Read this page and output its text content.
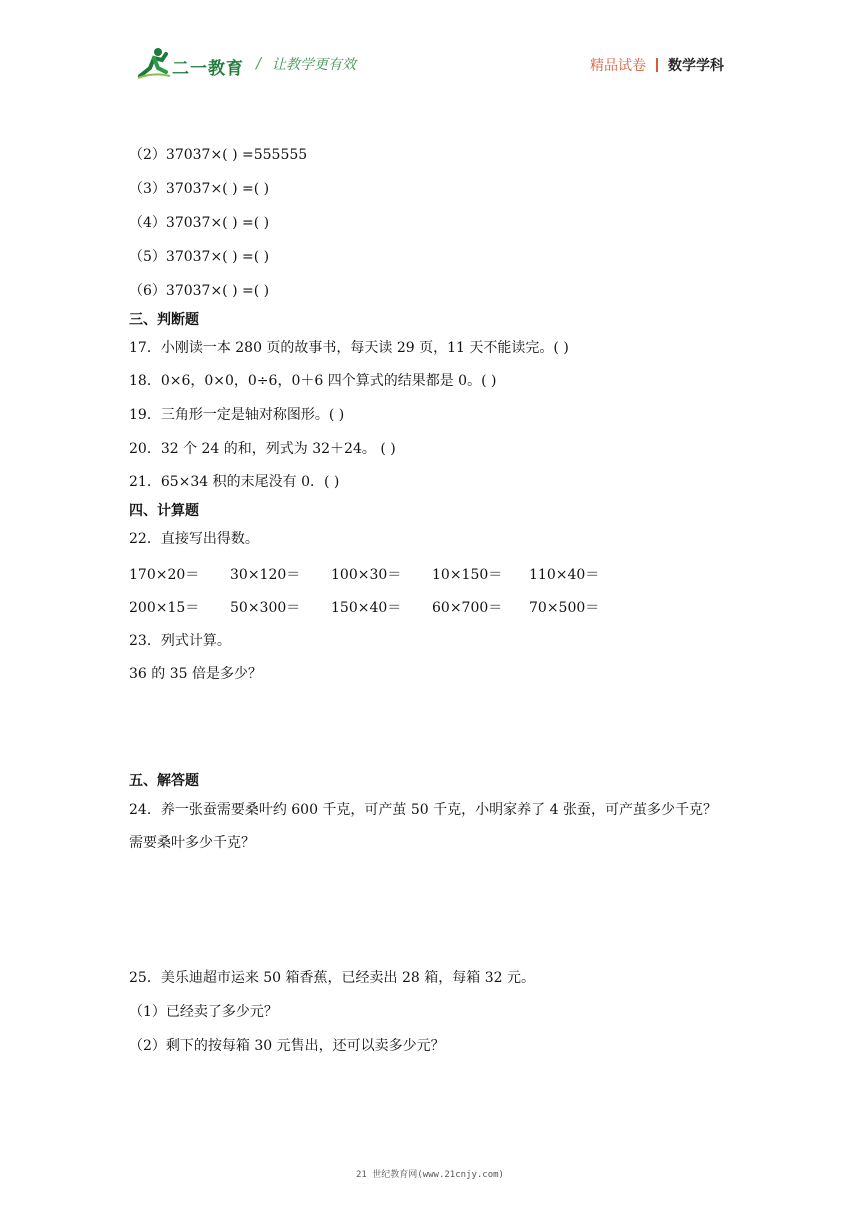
二一教育 / 让教学更有效	精品试卷 数学学科
（2）37037×( ) =555555
（3）37037×( ) =( )
（4）37037×( ) =( )
（5）37037×( ) =( )
（6）37037×( ) =( )
三、判断题
17．小刚读一本 280 页的故事书，每天读 29 页，11 天不能读完。( )
18．0×6，0×0，0÷6，0＋6 四个算式的结果都是 0。( )
19．三角形一定是轴对称图形。( )
20．32 个 24 的和，列式为 32＋24。 ( )
21．65×34 积的末尾没有 0．( )
四、计算题
22．直接写出得数。
23．列式计算。
36 的 35 倍是多少？
五、解答题
24．养一张蚕需要桑叶约 600 千克，可产茧 50 千克，小明家养了 4 张蚕，可产茧多少千克？
需要桑叶多少千克？
25．美乐迪超市运来 50 箱香蕉，已经卖出 28 箱，每箱 32 元。
（1）已经卖了多少元？
（2）剩下的按每箱 30 元售出，还可以卖多少元？
170×20＝ 30×120＝ 100×30＝ 10×150＝ 110×40＝
200×15＝ 50×300＝ 150×40＝ 60×700＝ 70×500＝
21 世纪教育网(www.21cnjy.com)
